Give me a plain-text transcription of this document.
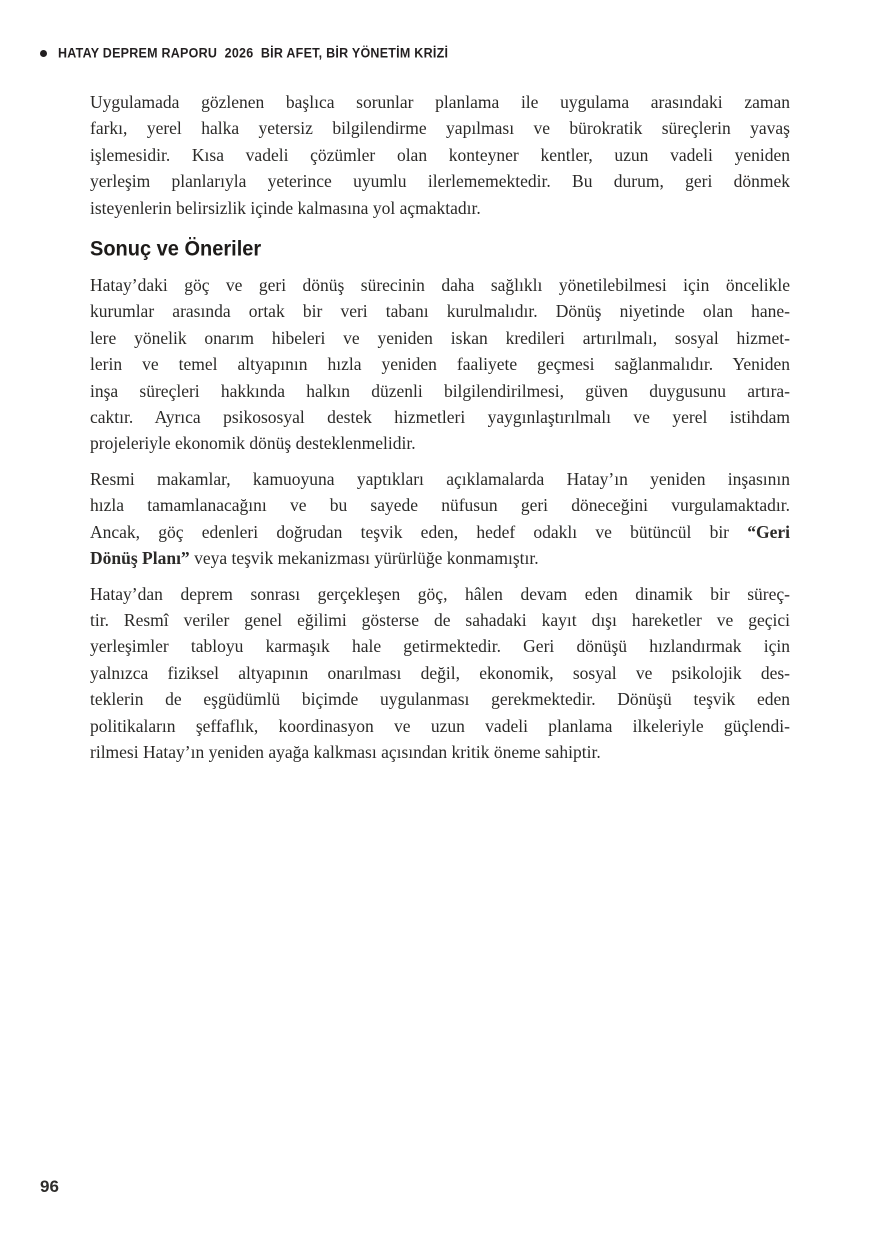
HATAY DEPREM RAPORU  2026  BİR AFET, BİR YÖNETİM KRİZİ
Uygulamada gözlenen başlıca sorunlar planlama ile uygulama arasındaki zaman
farkı, yerel halka yetersiz bilgilendirme yapılması ve bürokratik süreçlerin yavaş
işlemesidir. Kısa vadeli çözümler olan konteyner kentler, uzun vadeli yeniden
yerleşim planlarıyla yeterince uyumlu ilerlememektedir. Bu durum, geri dönmek
isteyenlerin belirsizlik içinde kalmasına yol açmaktadır.
Sonuç ve Öneriler
Hatay’daki göç ve geri dönüş sürecinin daha sağlıklı yönetilebilmesi için öncelikle
kurumlar arasında ortak bir veri tabanı kurulmalıdır. Dönüş niyetinde olan hane-
lere yönelik onarım hibeleri ve yeniden iskan kredileri artırılmalı, sosyal hizmet-
lerin ve temel altyapının hızla yeniden faaliyete geçmesi sağlanmalıdır. Yeniden
inşa süreçleri hakkında halkın düzenli bilgilendirilmesi, güven duygusunu artıra-
caktır. Ayrıca psikososyal destek hizmetleri yaygınlaştırılmalı ve yerel istihdam
projeleriyle ekonomik dönüş desteklenmelidir.
Resmi makamlar, kamuoyuna yaptıkları açıklamalarda Hatay’ın yeniden inşasının
hızla tamamlanacağını ve bu sayede nüfusun geri döneceğini vurgulamaktadır.
Ancak, göç edenleri doğrudan teşvik eden, hedef odaklı ve bütüncül bir “Geri
Dönüş Planı” veya teşvik mekanizması yürürlüğe konmamıştır.
Hatay’dan deprem sonrası gerçekleşen göç, hâlen devam eden dinamik bir süreç-
tir. Resmî veriler genel eğilimi gösterse de sahadaki kayıt dışı hareketler ve geçici
yerleşimler tabloyu karmaşık hale getirmektedir. Geri dönüşü hızlandırmak için
yalnızca fiziksel altyapının onarılması değil, ekonomik, sosyal ve psikolojik des-
teklerin de eşgüdümlü biçimde uygulanması gerekmektedir. Dönüşü teşvik eden
politikaların şeffaflık, koordinasyon ve uzun vadeli planlama ilkeleriyle güçlendi-
rilmesi Hatay’ın yeniden ayağa kalkması açısından kritik öneme sahiptir.
96
